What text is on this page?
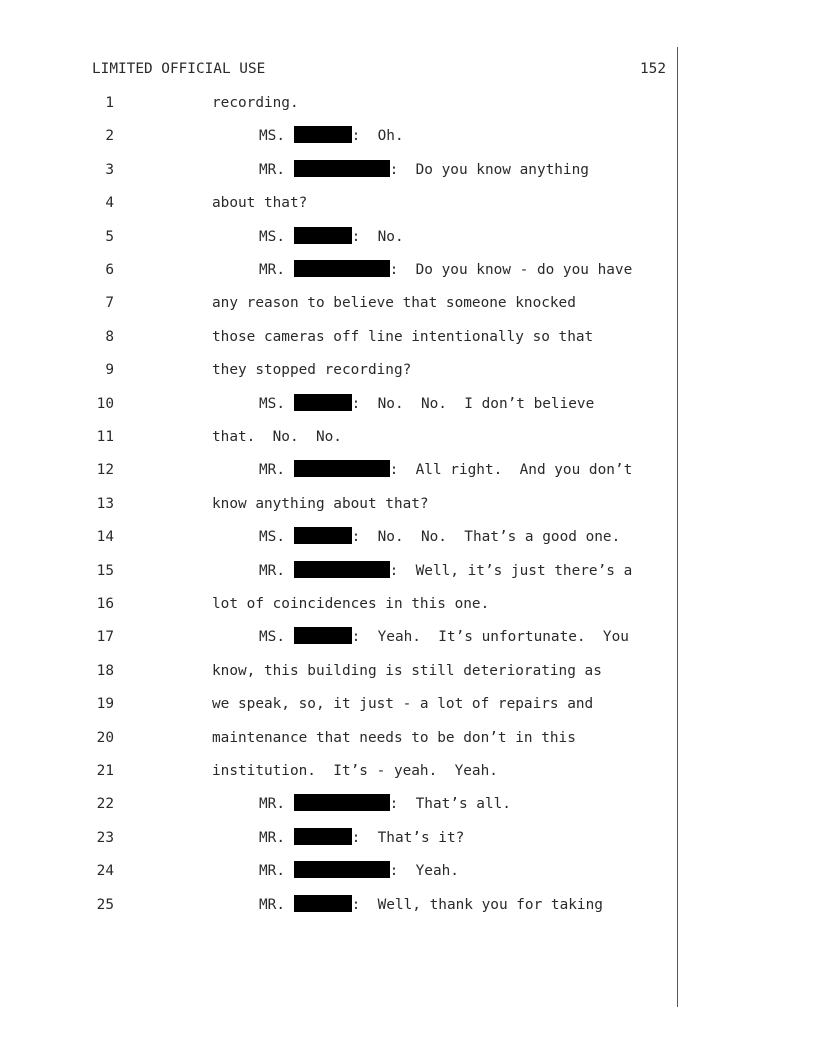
LIMITED OFFICIAL USE	152
1	recording.
2	MS.	:  Oh.
3	MR.	:  Do you know anything
4	about that?
5	MS.	:  No.
6	MR.	:  Do you know - do you have
7	any reason to believe that someone knocked
8	those cameras off line intentionally so that
9	they stopped recording?
10	MS.	:  No.  No.  I don’t believe
11	that.  No.  No.
12	MR.	:  All right.  And you don’t
13	know anything about that?
14	MS.	:  No.  No.  That’s a good one.
15	MR.	:  Well, it’s just there’s a
16	lot of coincidences in this one.
17	MS.	:  Yeah.  It’s unfortunate.  You
18	know, this building is still deteriorating as
19	we speak, so, it just - a lot of repairs and
20	maintenance that needs to be don’t in this
21	institution.  It’s - yeah.  Yeah.
22	MR.	:  That’s all.
23	MR.	:  That’s it?
24	MR.	:  Yeah.
25	MR.	:  Well, thank you for taking
